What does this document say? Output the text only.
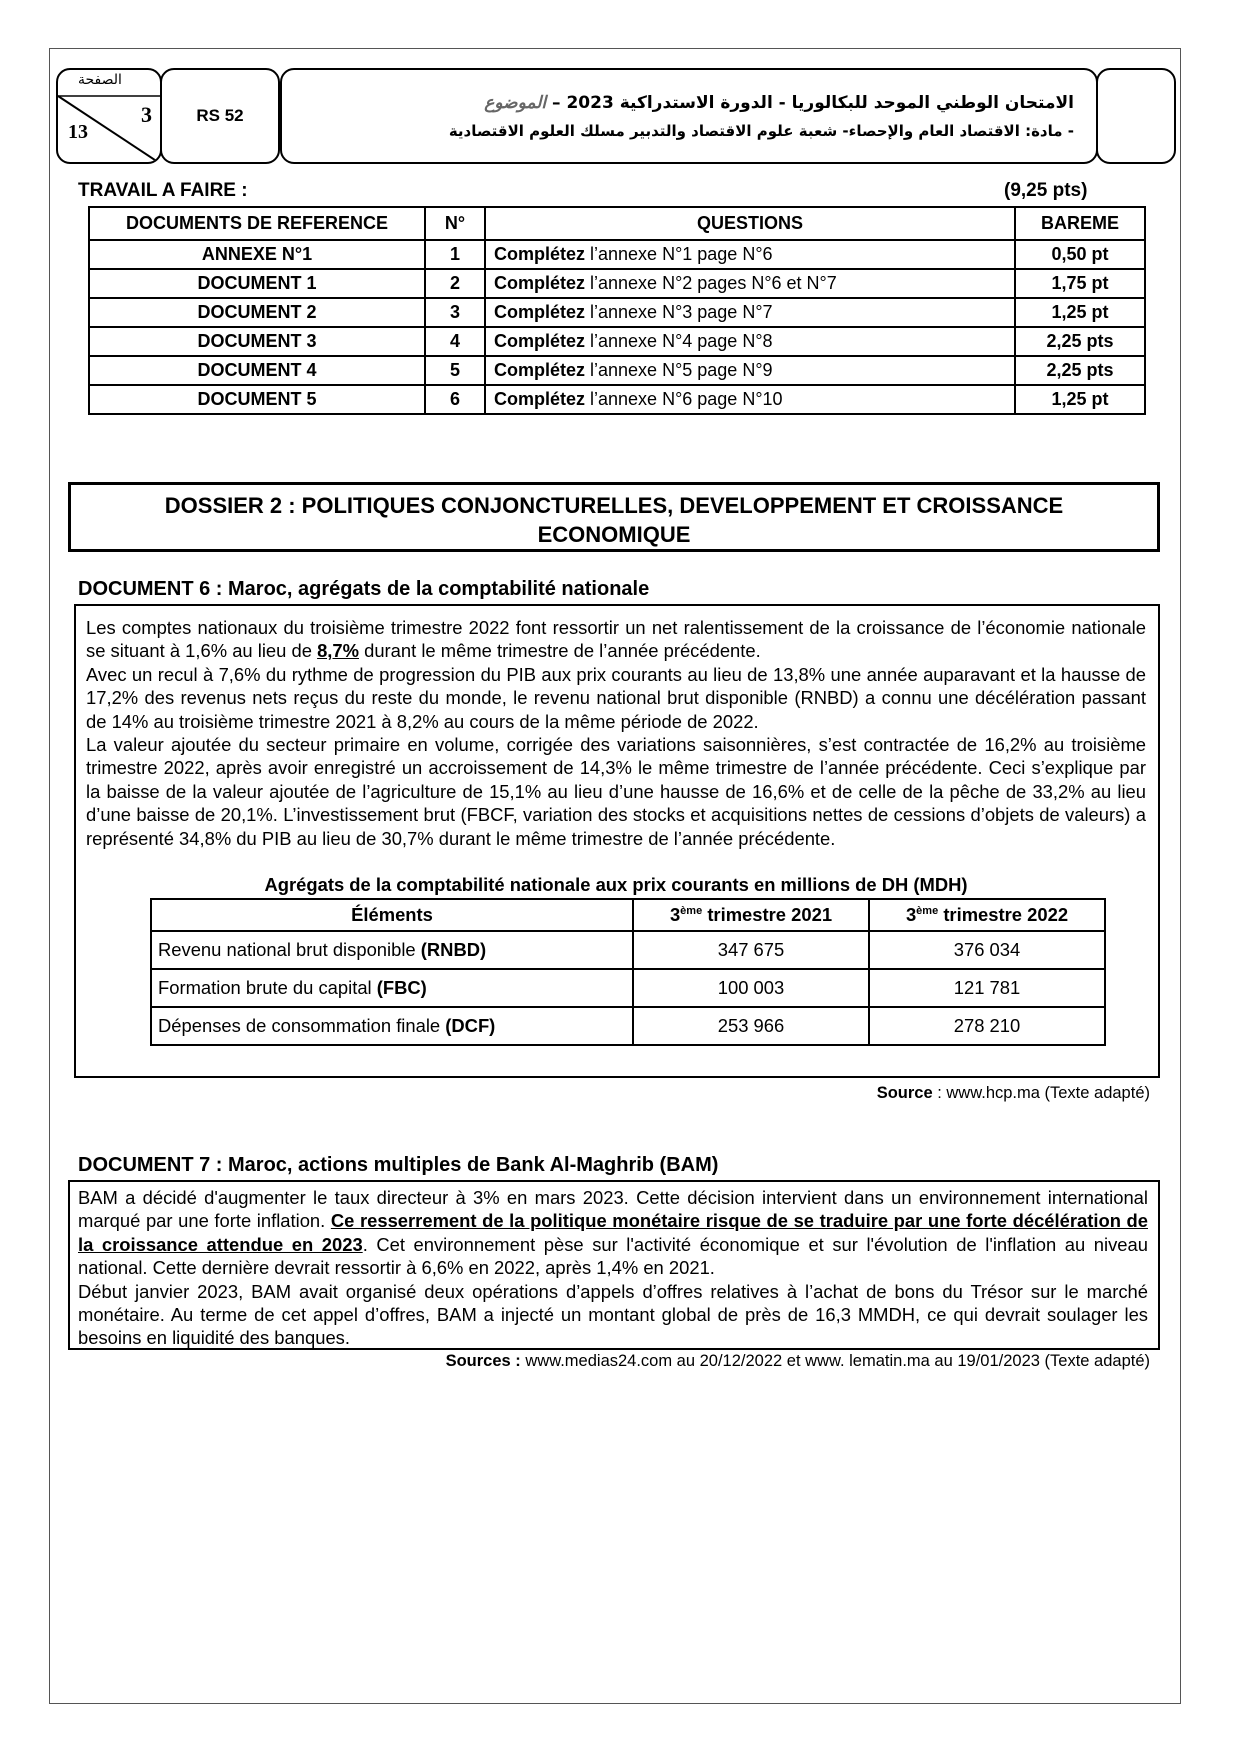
الصفحة
3
13
RS 52
الامتحان الوطني الموحد للبكالوريا - الدورة الاستدراكية 2023 – الموضوع
- مادة: الاقتصاد العام والإحصاء- شعبة علوم الاقتصاد والتدبير مسلك العلوم الاقتصادية
TRAVAIL A FAIRE :	(9,25 pts)
DOCUMENTS DE REFERENCE	N°	QUESTIONS	BAREME
ANNEXE N°1	1	Complétez l’annexe N°1 page N°6	0,50 pt
DOCUMENT 1	2	Complétez l’annexe N°2 pages N°6 et N°7	1,75 pt
DOCUMENT 2	3	Complétez l’annexe N°3 page N°7	1,25 pt
DOCUMENT 3	4	Complétez l’annexe N°4 page N°8	2,25 pts
DOCUMENT 4	5	Complétez l’annexe N°5 page N°9	2,25 pts
DOCUMENT 5	6	Complétez l’annexe N°6 page N°10	1,25 pt
DOSSIER 2 : POLITIQUES CONJONCTURELLES, DEVELOPPEMENT ET CROISSANCE
ECONOMIQUE
DOCUMENT 6 : Maroc, agrégats de la comptabilité nationale

Les comptes nationaux du troisième trimestre 2022 font ressortir un net ralentissement de la croissance de l’économie nationale se situant à 1,6% au lieu de 8,7% durant le même trimestre de l’année précédente.

Avec un recul à 7,6% du rythme de progression du PIB aux prix courants au lieu de 13,8% une année auparavant et la hausse de 17,2% des revenus nets reçus du reste du monde, le revenu national brut disponible (RNBD) a connu une décélération passant de 14% au troisième trimestre 2021 à 8,2% au cours de la même période de 2022.

La valeur ajoutée du secteur primaire en volume, corrigée des variations saisonnières, s’est contractée de 16,2% au troisième trimestre 2022, après avoir enregistré un accroissement de 14,3% le même trimestre de l’année précédente. Ceci s’explique par la baisse de la valeur ajoutée de l’agriculture de 15,1% au lieu d’une hausse de 16,6% et de celle de la pêche de 33,2% au lieu d’une baisse de 20,1%. L’investissement brut (FBCF, variation des stocks et acquisitions nettes de cessions d’objets de valeurs) a représenté 34,8% du PIB au lieu de 30,7% durant le même trimestre de l’année précédente.

Agrégats de la comptabilité nationale aux prix courants en millions de DH (MDH)
Éléments	3ème trimestre 2021	3ème trimestre 2022
Revenu national brut disponible (RNBD)	347 675	376 034
Formation brute du capital (FBC)	100 003	121 781
Dépenses de consommation finale (DCF)	253 966	278 210
Source : www.hcp.ma (Texte adapté)
DOCUMENT 7 : Maroc, actions multiples de Bank Al-Maghrib (BAM)

BAM a décidé d'augmenter le taux directeur à 3% en mars 2023. Cette décision intervient dans un environnement international marqué par une forte inflation. Ce resserrement de la politique monétaire risque de se traduire par une forte décélération de la croissance attendue en 2023. Cet environnement pèse sur l'activité économique et sur l'évolution de l'inflation au niveau national. Cette dernière devrait ressortir à 6,6% en 2022, après 1,4% en 2021.

Début janvier 2023, BAM avait organisé deux opérations d’appels d’offres relatives à l’achat de bons du Trésor sur le marché monétaire. Au terme de cet appel d’offres, BAM a injecté un montant global de près de 16,3 MMDH, ce qui devrait soulager les besoins en liquidité des banques.

Sources : www.medias24.com au 20/12/2022 et www. lematin.ma au 19/01/2023 (Texte adapté)
